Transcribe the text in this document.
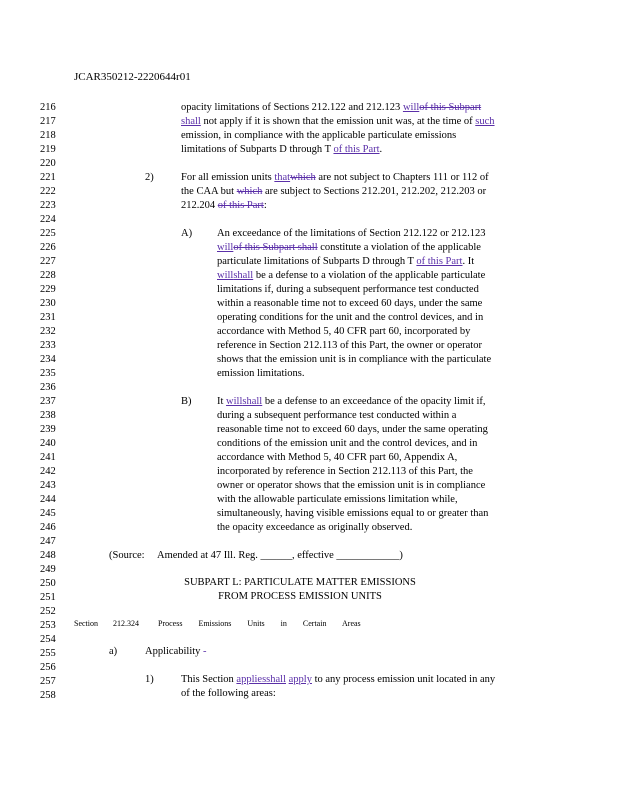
JCAR350212-2220644r01
216
217
218
219
220
221
222
223
224
225
226
227
228
229
230
231
232
233
234
235
236
237
238
239
240
241
242
243
244
245
246
247
248
249
250
251
252
253
254
255
256
257
258
opacity limitations of Sections 212.122 and 212.123 willof this Subpart
shall not apply if it is shown that the emission unit was, at the time of such
emission, in compliance with the applicable particulate emissions
limitations of Subparts D through T of this Part.
2)	For all emission units thatwhich are not subject to Chapters 111 or 112 of
the CAA but which are subject to Sections 212.201, 212.202, 212.203 or
212.204 of this Part:
A) An exceedance of the limitations of Section 212.122 or 212.123
willof this Subpart shall constitute a violation of the applicable
particulate limitations of Subparts D through T of this Part. It
willshall be a defense to a violation of the applicable particulate
limitations if, during a subsequent performance test conducted
within a reasonable time not to exceed 60 days, under the same
operating conditions for the unit and the control devices, and in
accordance with Method 5, 40 CFR part 60, incorporated by
reference in Section 212.113 of this Part, the owner or operator
shows that the emission unit is in compliance with the particulate
emission limitations.
B) It willshall be a defense to an exceedance of the opacity limit if,
during a subsequent performance test conducted within a
reasonable time not to exceed 60 days, under the same operating
conditions of the emission unit and the control devices, and in
accordance with Method 5, 40 CFR part 60, Appendix A,
incorporated by reference in Section 212.113 of this Part, the
owner or operator shows that the emission unit is in compliance
with the allowable particulate emissions limitation while,
simultaneously, having visible emissions equal to or greater than
the opacity exceedance as originally observed.
(Source: Amended at 47 Ill. Reg. ______, effective ____________)
SUBPART L: PARTICULATE MATTER EMISSIONS
FROM PROCESS EMISSION UNITS
Section 212.324 Process Emissions Units in Certain Areas
a)	Applicability -
1)	This Section appliesshall apply to any process emission unit located in any
of the following areas:
